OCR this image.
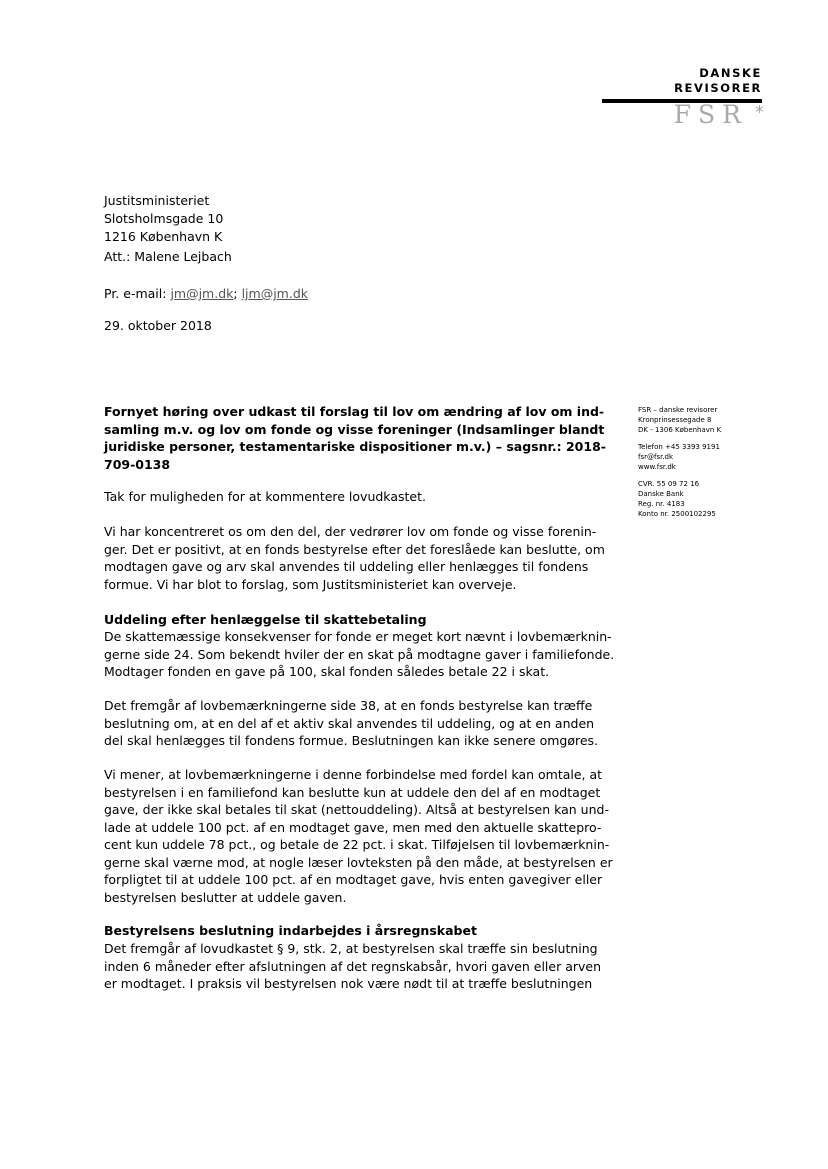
DANSKE
REVISORER
FSR *
Justitsministeriet
Slotsholmsgade 10
1216 København K
Att.: Malene Lejbach
Pr. e-mail: jm@jm.dk; ljm@jm.dk
29. oktober 2018
Fornyet høring over udkast til forslag til lov om ændring af lov om ind-
samling m.v. og lov om fonde og visse foreninger (Indsamlinger blandt
juridiske personer, testamentariske dispositioner m.v.) – sagsnr.: 2018-
709-0138
FSR – danske revisorer
Kronprinsessegade 8
DK - 1306 København K
Telefon +45 3393 9191
fsr@fsr.dk
www.fsr.dk
CVR. 55 09 72 16
Danske Bank
Reg. nr. 4183
Konto nr. 2500102295
Tak for muligheden for at kommentere lovudkastet.
Vi har koncentreret os om den del, der vedrører lov om fonde og visse forenin-
ger. Det er positivt, at en fonds bestyrelse efter det foreslåede kan beslutte, om
modtagen gave og arv skal anvendes til uddeling eller henlægges til fondens
formue. Vi har blot to forslag, som Justitsministeriet kan overveje.
Uddeling efter henlæggelse til skattebetaling
De skattemæssige konsekvenser for fonde er meget kort nævnt i lovbemærknin-
gerne side 24. Som bekendt hviler der en skat på modtagne gaver i familiefonde.
Modtager fonden en gave på 100, skal fonden således betale 22 i skat.
Det fremgår af lovbemærkningerne side 38, at en fonds bestyrelse kan træffe
beslutning om, at en del af et aktiv skal anvendes til uddeling, og at en anden
del skal henlægges til fondens formue. Beslutningen kan ikke senere omgøres.
Vi mener, at lovbemærkningerne i denne forbindelse med fordel kan omtale, at
bestyrelsen i en familiefond kan beslutte kun at uddele den del af en modtaget
gave, der ikke skal betales til skat (nettouddeling). Altså at bestyrelsen kan und-
lade at uddele 100 pct. af en modtaget gave, men med den aktuelle skattepro-
cent kun uddele 78 pct., og betale de 22 pct. i skat. Tilføjelsen til lovbemærknin-
gerne skal værne mod, at nogle læser lovteksten på den måde, at bestyrelsen er
forpligtet til at uddele 100 pct. af en modtaget gave, hvis enten gavegiver eller
bestyrelsen beslutter at uddele gaven.
Bestyrelsens beslutning indarbejdes i årsregnskabet
Det fremgår af lovudkastet § 9, stk. 2, at bestyrelsen skal træffe sin beslutning
inden 6 måneder efter afslutningen af det regnskabsår, hvori gaven eller arven
er modtaget. I praksis vil bestyrelsen nok være nødt til at træffe beslutningen
